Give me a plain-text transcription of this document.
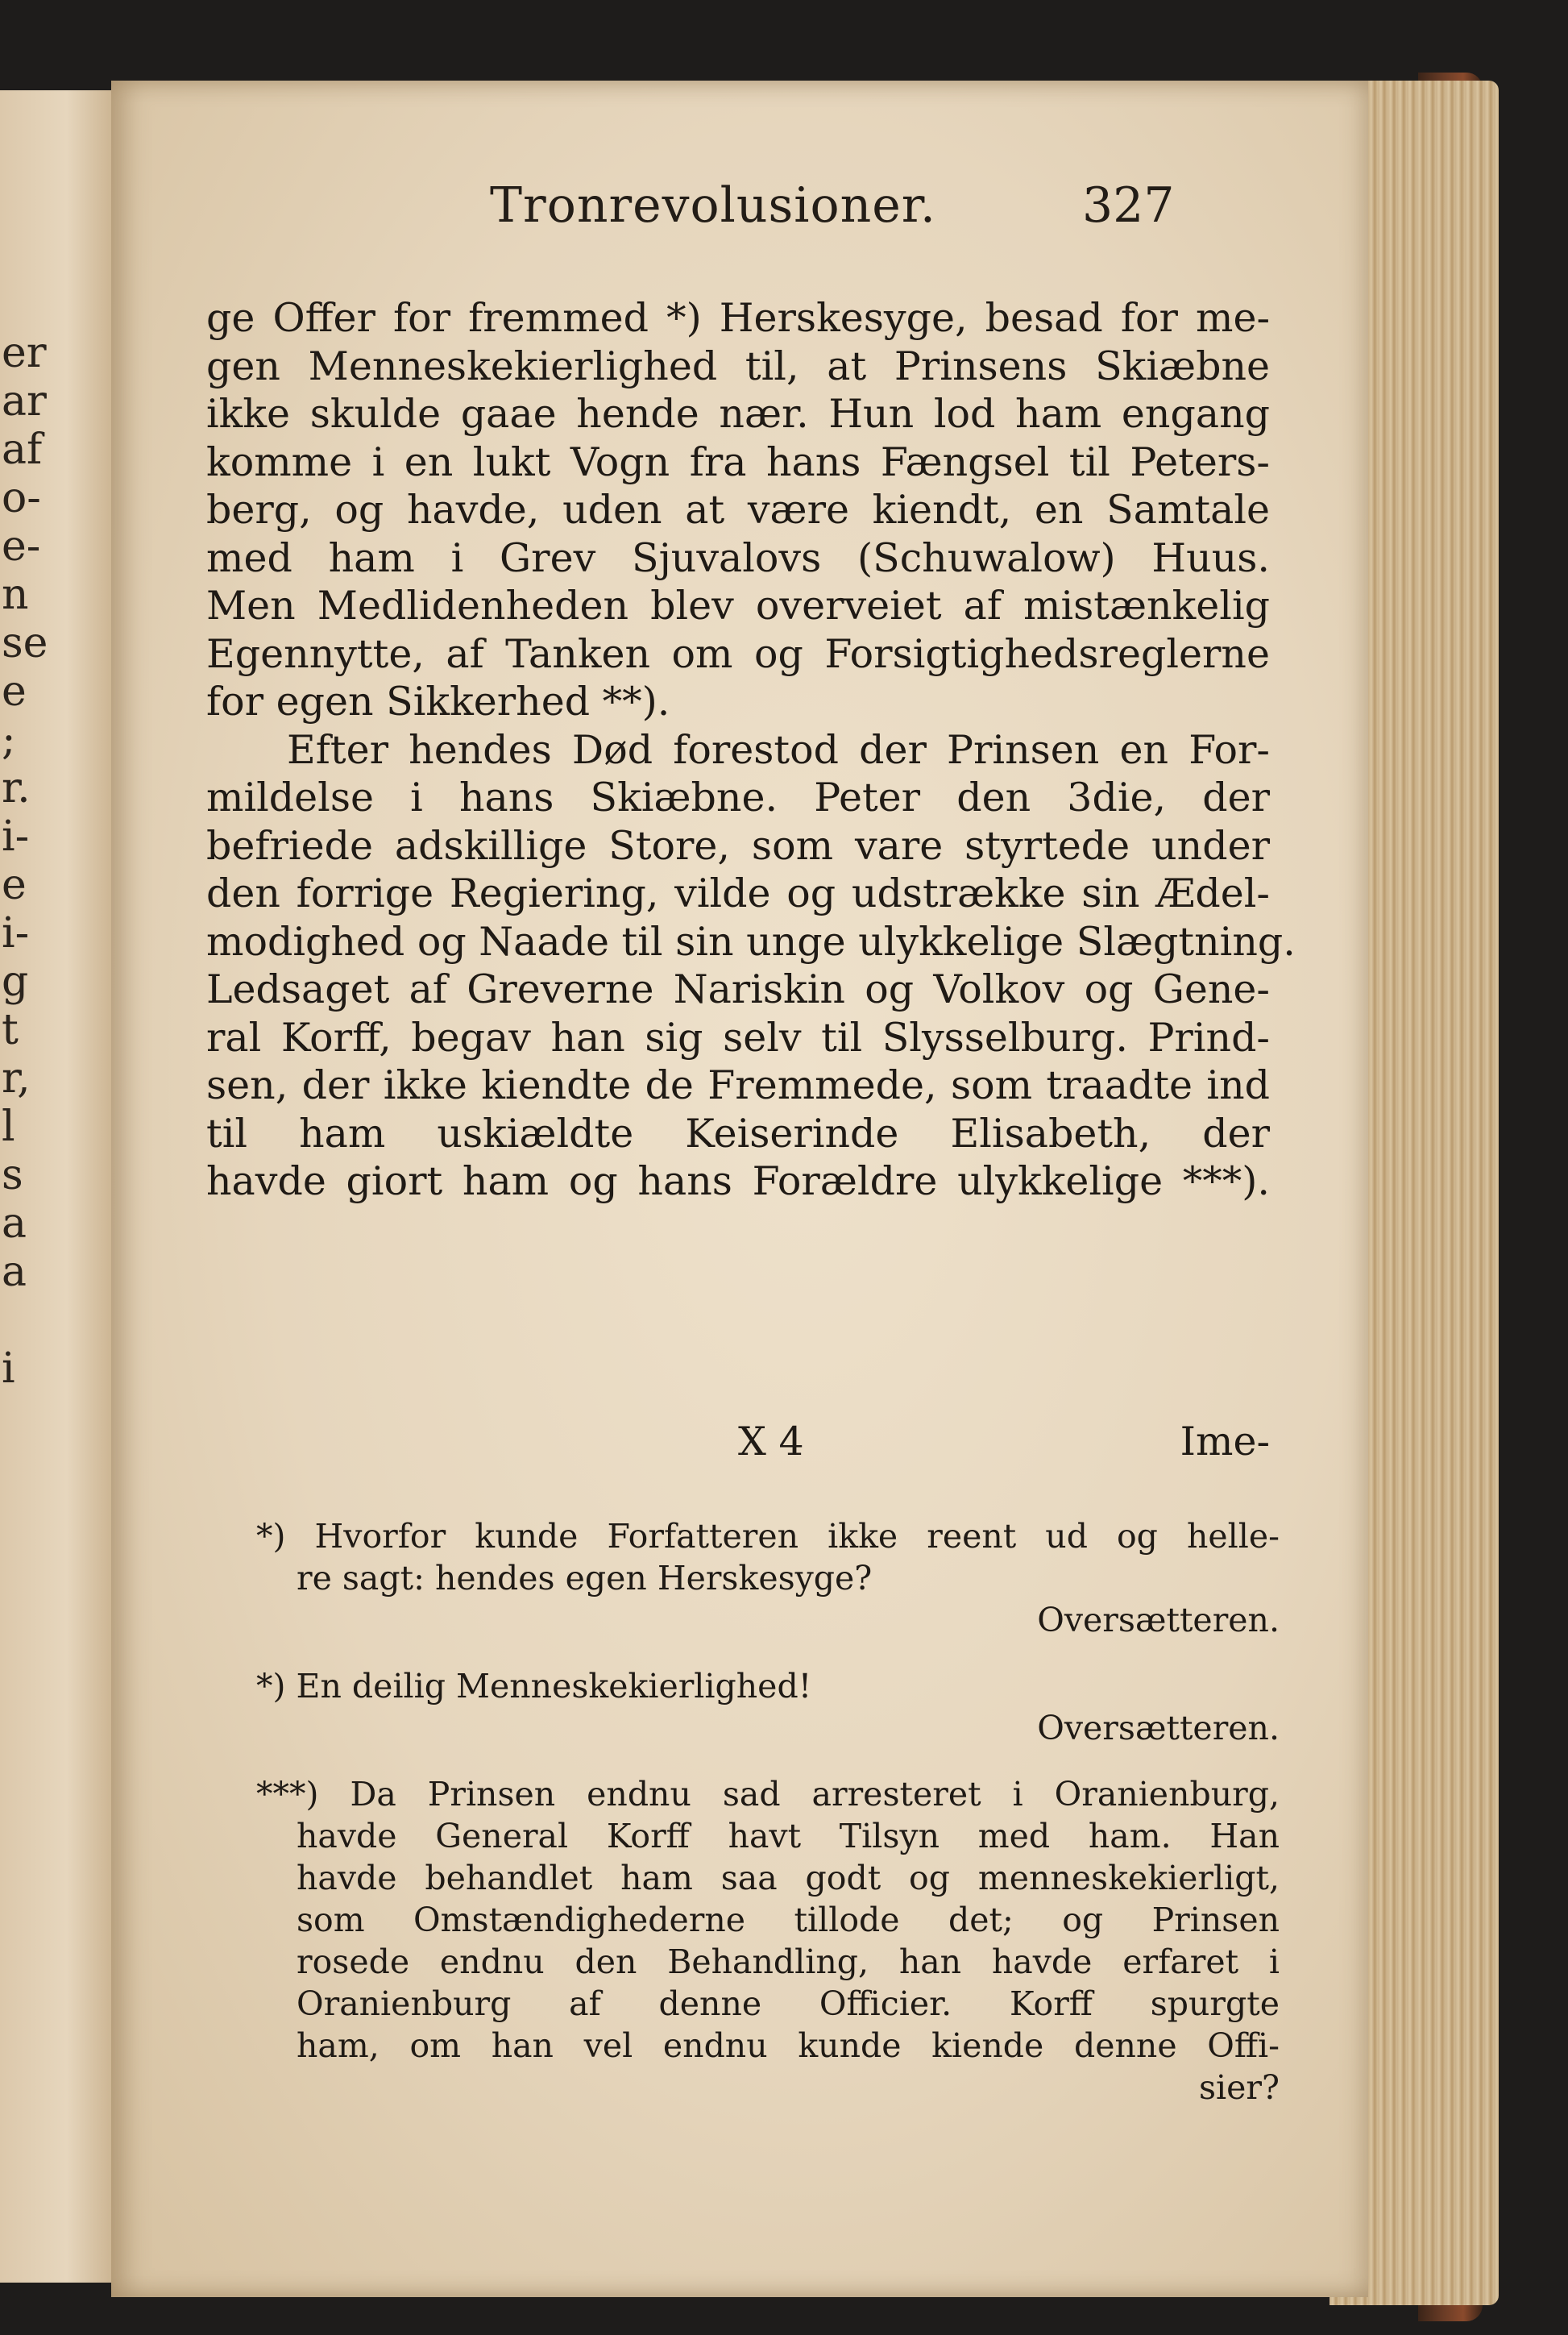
er
ar
af
o-
e-
n
se
e
;
r.
i-
e
i-
g
t
r,
l
s
a
a
i
Tronrevolusioner.	327
ge Offer for fremmed *) Herskesyge, besad for me-
gen Menneskekierlighed til, at Prinsens Skiæbne
ikke skulde gaae hende nær. Hun lod ham engang
komme i en lukt Vogn fra hans Fængsel til Peters-
berg, og havde, uden at være kiendt, en Samtale
med ham i Grev Sjuvalovs (Schuwalow) Huus.
Men Medlidenheden blev overveiet af mistænkelig
Egennytte, af Tanken om og Forsigtighedsreglerne
for egen Sikkerhed **).
Efter hendes Død forestod der Prinsen en For-
mildelse i hans Skiæbne. Peter den 3die, der
befriede adskillige Store, som vare styrtede under
den forrige Regiering, vilde og udstrække sin Ædel-
modighed og Naade til sin unge ulykkelige Slægtning.
Ledsaget af Greverne Nariskin og Volkov og Gene-
ral Korff, begav han sig selv til Slysselburg. Prind-
sen, der ikke kiendte de Fremmede, som traadte ind
til ham uskiældte Keiserinde Elisabeth, der
havde giort ham og hans Forældre ulykkelige ***).
X 4	Ime-
*) Hvorfor kunde Forfatteren ikke reent ud og helle-
re sagt: hendes egen Herskesyge?
Oversætteren.
*) En deilig Menneskekierlighed!
Oversætteren.
***) Da Prinsen endnu sad arresteret i Oranienburg,
havde General Korff havt Tilsyn med ham. Han
havde behandlet ham saa godt og menneskekierligt,
som Omstændighederne tillode det; og Prinsen
rosede endnu den Behandling, han havde erfaret i
Oranienburg af denne Officier. Korff spurgte
ham, om han vel endnu kunde kiende denne Offi-
sier?
